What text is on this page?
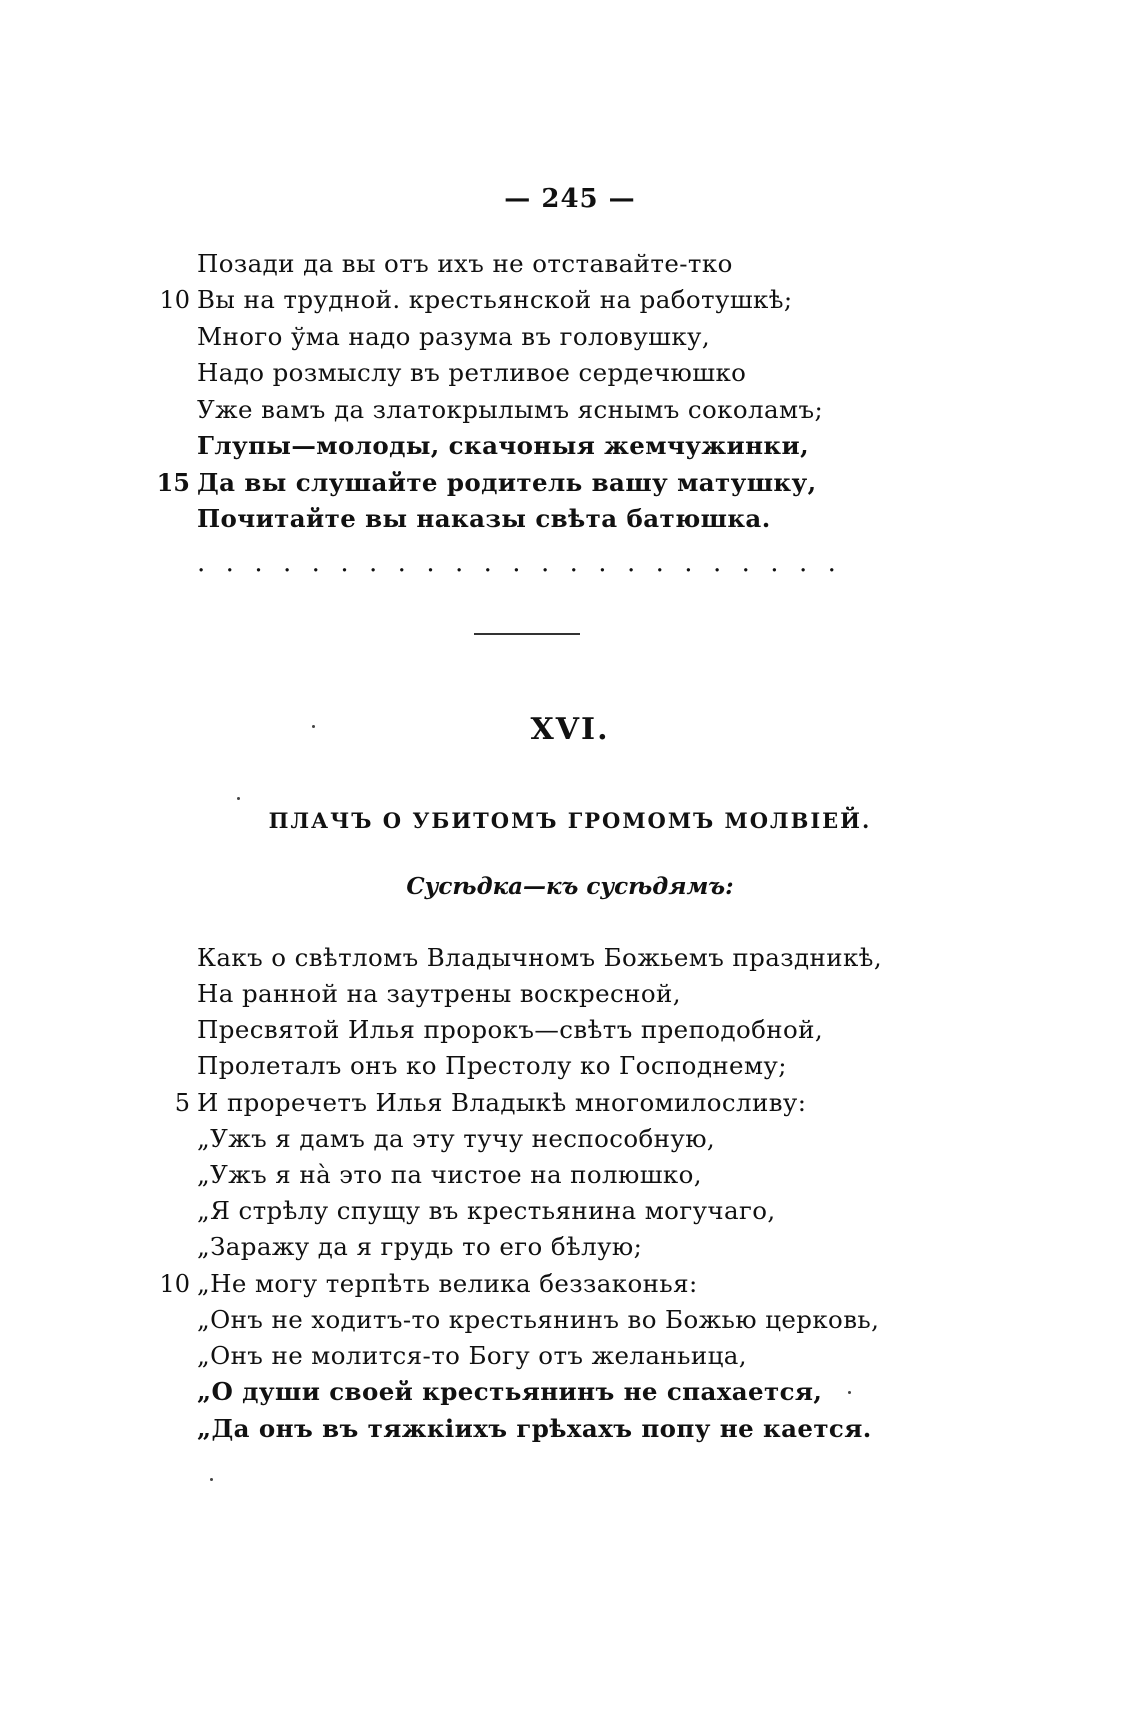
— 245 —
Позади да вы отъ ихъ не отставайте-тко
10 Вы на трудной. крестьянской на работушкѣ;
Много ўма надо разума въ головушку,
Надо розмыслу въ ретливое сердечюшко
Уже вамъ да златокрылымъ яснымъ соколамъ;
Глупы—молоды, скачоныя жемчужинки,
15 Да вы слушайте родитель вашу матушку,
Почитайте вы наказы свѣта батюшка.
.......................
XVI.
ПЛАЧЪ О УБИТОМЪ ГРОМОМЪ МОЛВІЕЙ.
Сусѣдка—къ сусѣдямъ:
Какъ о свѣтломъ Владычномъ Божьемъ праздникѣ,
На ранной на заутрены воскресной,
Пресвятой Илья пророкъ—свѣтъ преподобной,
Пролеталъ онъ ко Престолу ко Господнему;
5 И проречетъ Илья Владыкѣ многомилосливу:
„Ужъ я дамъ да эту тучу неспособную,
„Ужъ я на̀ это па чистое на полюшко,
„Я стрѣлу спущу въ крестьянина могучаго,
„Заражу да я грудь то его бѣлую;
10 „Не могу терпѣть велика беззаконья:
„Онъ не ходитъ-то крестьянинъ во Божью церковь,
„Онъ не молится-то Богу отъ желаньица,
„О души своей крестьянинъ не спахается,
„Да онъ въ тяжкіихъ грѣхахъ попу не кается.
